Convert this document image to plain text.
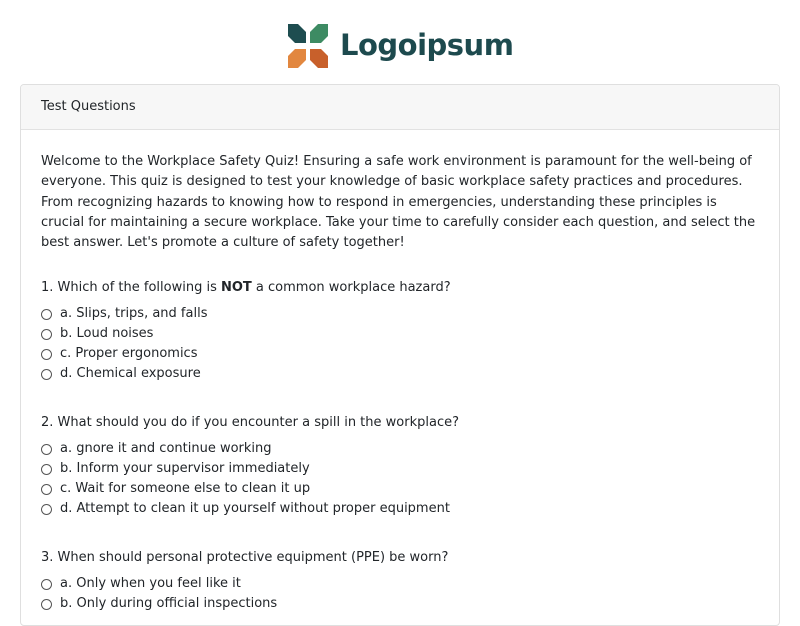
Logoipsum
Test Questions

Welcome to the Workplace Safety Quiz! Ensuring a safe work environment is paramount for the well-being of everyone. This quiz is designed to test your knowledge of basic workplace safety practices and procedures. From recognizing hazards to knowing how to respond in emergencies, understanding these principles is crucial for maintaining a secure workplace. Take your time to carefully consider each question, and select the best answer. Let's promote a culture of safety together!

1. Which of the following is NOT a common workplace hazard?
a. Slips, trips, and falls
b. Loud noises
c. Proper ergonomics
d. Chemical exposure
2. What should you do if you encounter a spill in the workplace?
a. gnore it and continue working
b. Inform your supervisor immediately
c. Wait for someone else to clean it up
d. Attempt to clean it up yourself without proper equipment
3. When should personal protective equipment (PPE) be worn?
a. Only when you feel like it
b. Only during official inspections
